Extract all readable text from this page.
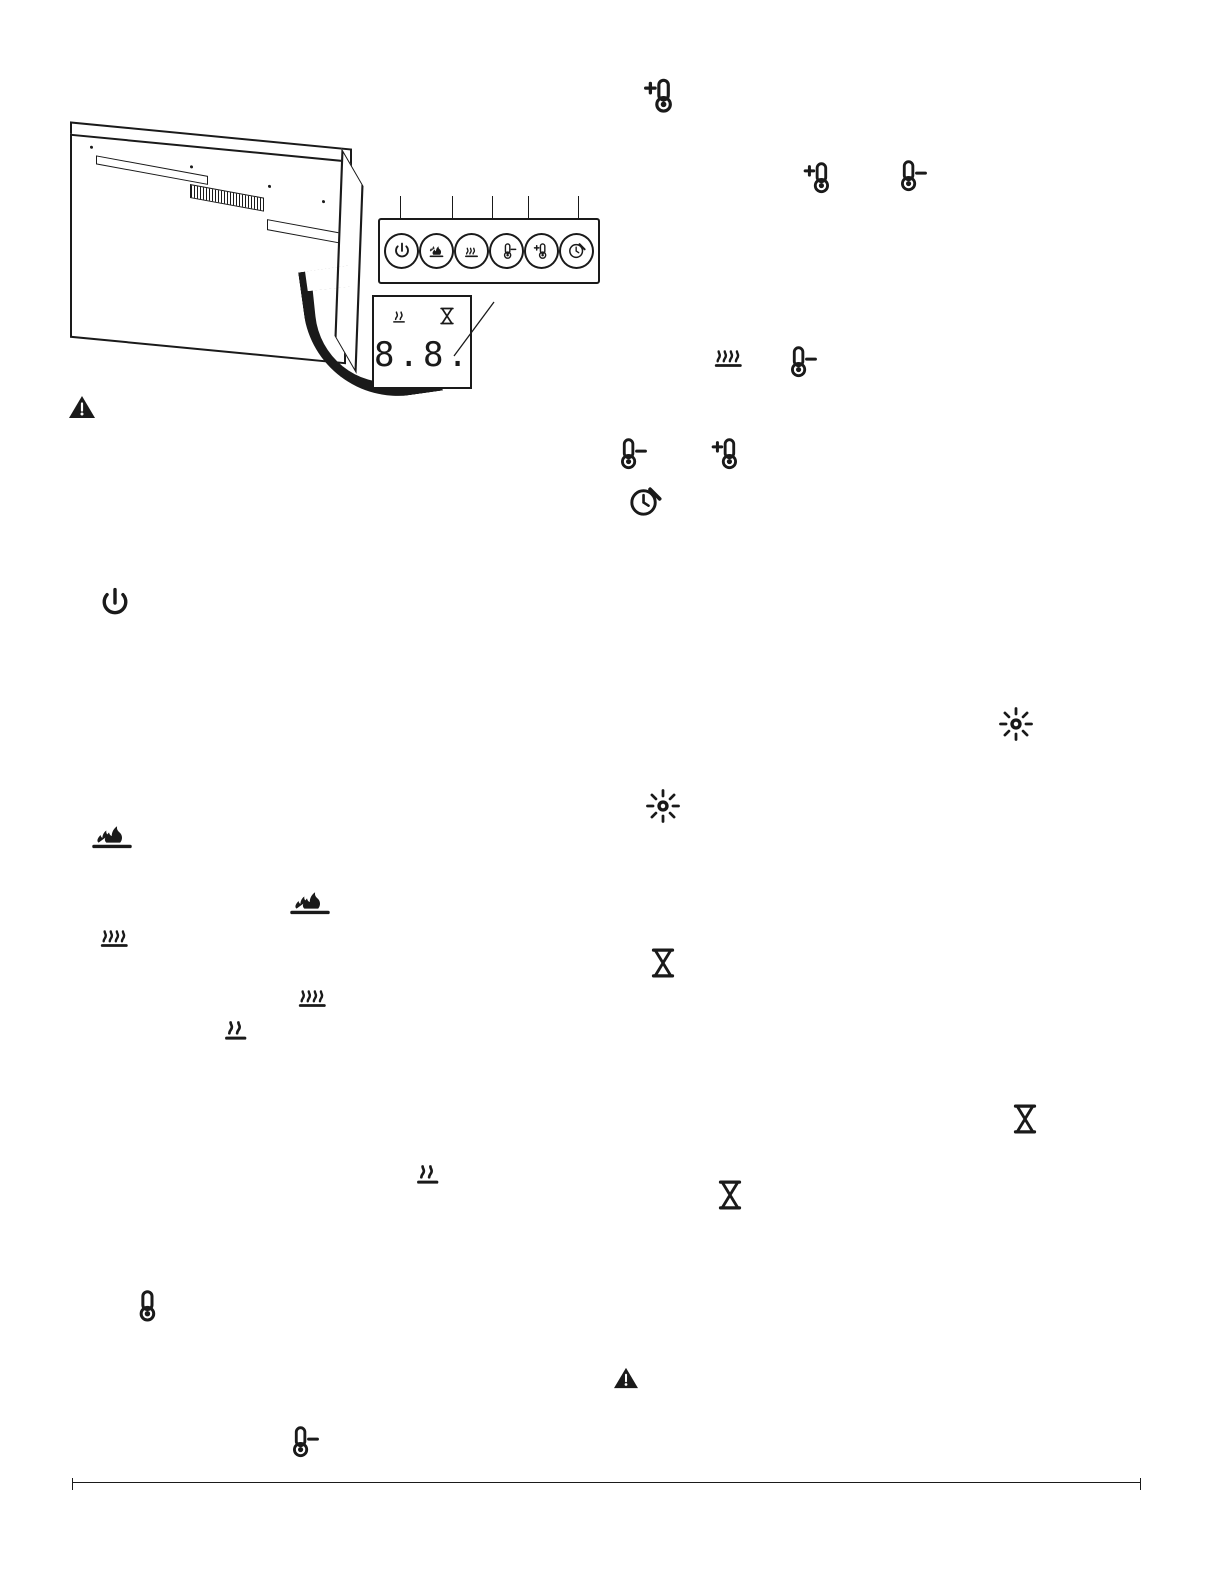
8.8.
